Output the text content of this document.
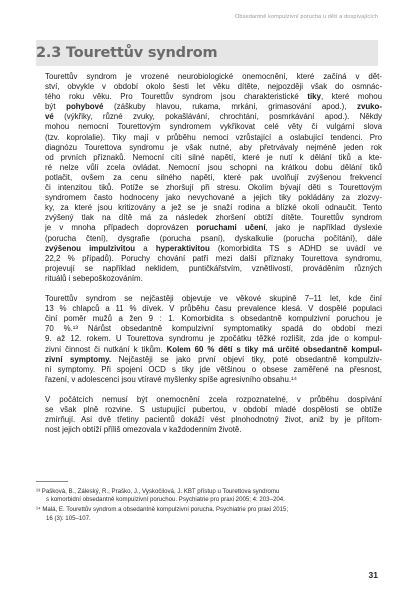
Obsedantně kompulzivní porucha u dětí a dospívajících
2.3 Tourettův syndrom
Tourettův syndrom je vrozené neurobiologické onemocnění, které začíná v dět-
ství, obvykle v období okolo šesti let věku dítěte, nejpozději však do osmnác-
tého roku věku. Pro Tourettův syndrom jsou charakteristické tiky, které mohou
být pohybové (záškuby hlavou, rukama, mrkání, grimasování apod.), zvuko-
vé (výkřiky, různé zvuky, pokašlávání, chrochtání, posmrkávání apod.). Někdy
mohou nemocní Tourettovým syndromem vykřikovat celé věty či vulgární slova
(tzv. koprolalie). Tiky mají v průběhu nemoci vzrůstající a oslabující tendenci. Pro
diagnózu Tourettova syndromu je však nutné, aby přetrvávaly nejméně jeden rok
od prvních příznaků. Nemocní cítí silné napětí, které je nutí k dělání tiků a kte-
ré nelze vůlí zcela ovládat. Nemocní jsou schopni na krátkou dobu dělání tiků
potlačit, ovšem za cenu silného napětí, které pak uvolňují zvýšenou frekvencí
či intenzitou tiků. Potíže se zhoršují při stresu. Okolím bývají děti s Tourettovým
syndromem často hodnoceny jako nevychované a jejich tiky pokládány za zlozvy-
ky, za které jsou kritizovány a jež se je snaží rodina a blízké okolí odnaučit. Tento
zvýšený tlak na dítě má za následek zhoršení obtíží dítěte. Tourettův syndrom
je v mnoha případech doprovázen poruchami učení, jako je například dyslexie
(porucha čtení), dysgrafie (porucha psaní), dyskalkulie (porucha počítání), dále
zvýšenou impulzivitou a hyperaktivitou (komorbidita TS s ADHD se uvádí ve
22,2 % případů). Poruchy chování patří mezi další příznaky Tourettova syndromu,
projevují se například neklidem, puntičkářstvím, vznětlivostí, prováděním různých
rituálů i sebepoškozováním.
Tourettův syndrom se nejčastěji objevuje ve věkové skupině 7–11 let, kde činí
13 % chlapců a 11 % dívek. V průběhu času prevalence klesá. V dospělé populaci
činí poměr mužů a žen 9 : 1. Komorbidita s obsedantně kompulzivní poruchou je
70 %.¹³ Nárůst obsedantně kompulzivní symptomatiky spadá do období mezi
9. až 12. rokem. U Tourettova syndromu je zpočátku těžké rozlišit, zda jde o kompul-
zivní činnost či nutkání k tikům. Kolem 60 % dětí s tiky má určité obsedantně kompul-
zivní symptomy. Nejčastěji se jako první objeví tiky, poté obsedantně kompulziv-
ní symptomy. Při spojení OCD s tiky jde většinou o obsese zaměřené na přesnost,
řazení, v adolescenci jsou vtíravé myšlenky spíše agresivního obsahu.¹⁴
V počátcích nemusí být onemocnění zcela rozpoznatelné, v průběhu dospívání
se však plně rozvine. S ustupující pubertou, v období mladé dospělosti se obtíže
zmírňují. Asi dvě třetiny pacientů dokáží vést plnohodnotný život, aniž by je přítom-
nost jejich obtíží příliš omezovala v každodenním životě.
¹³ Pašková, B., Záleský, R., Praško, J., Vyskočilová, J. KBT přístup u Tourettova syndromu
s komorbidní obsedantně kompulzivní poruchou. Psychiatrie pro praxi 2005; 4: 203–204.
¹⁴ Malá, E. Tourettův syndrom a obsedantně kompulzivní porucha. Psychiatrie pro praxi 2015;
16 (3): 105–107.
31
